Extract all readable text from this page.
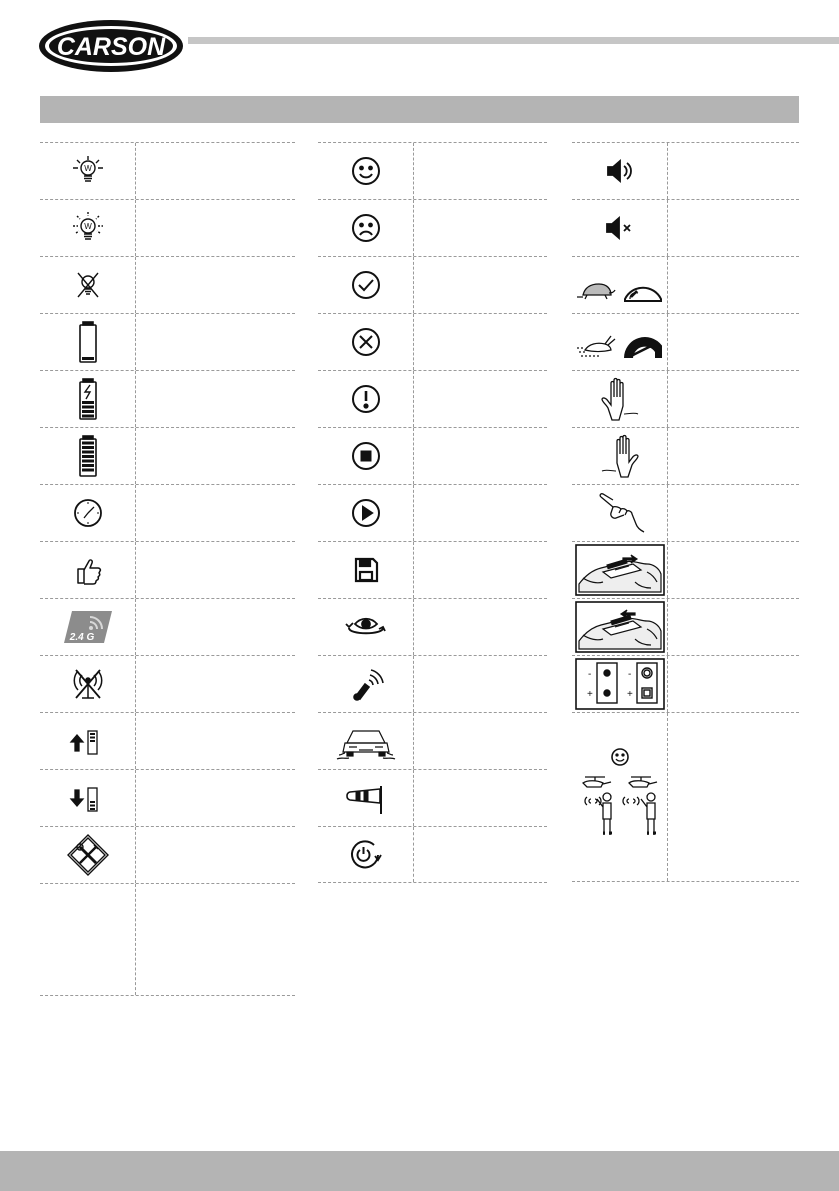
CARSON
W
W
2.4 G
-
+
-
+
